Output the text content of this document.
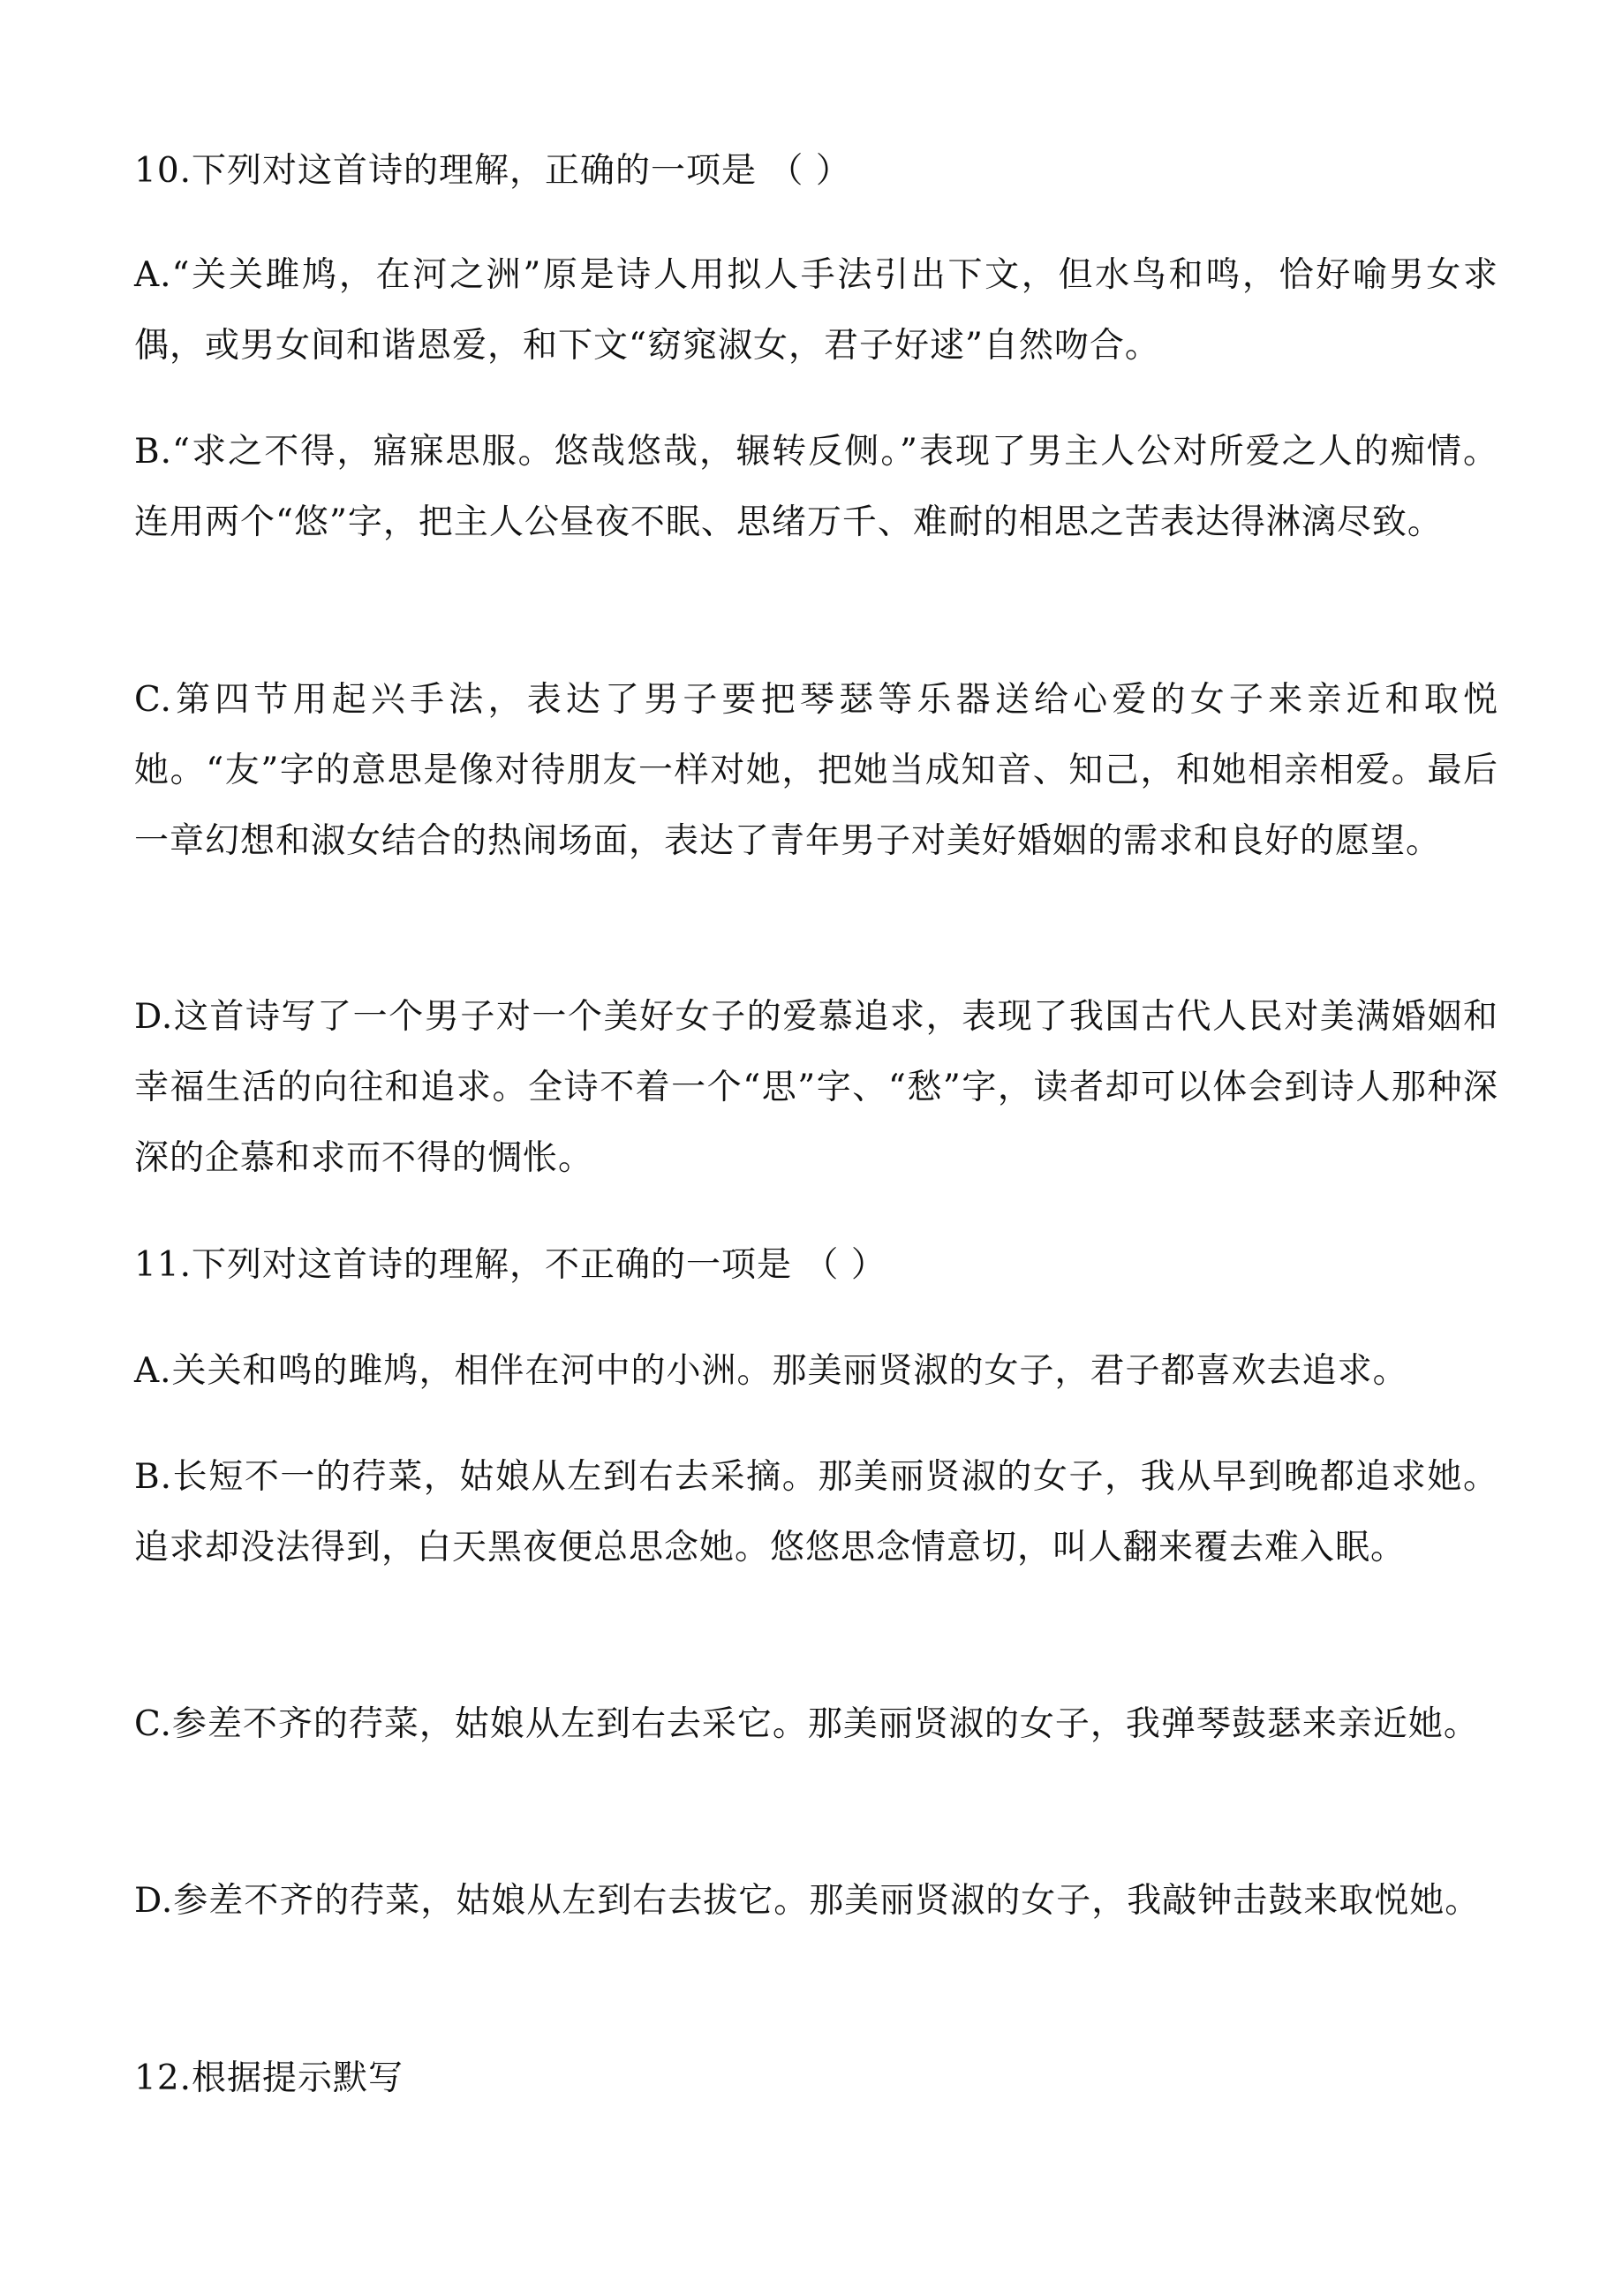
10.下列对这首诗的理解，正确的一项是 （ ）
A.“关关雎鸠，在河之洲”原是诗人用拟人手法引出下文，但水鸟和鸣，恰好喻男女求偶，或男女间和谐恩爱，和下文“窈窕淑女，君子好逑”自然吻合。
B.“求之不得，寤寐思服。悠哉悠哉，辗转反侧。”表现了男主人公对所爱之人的痴情。连用两个“悠”字，把主人公昼夜不眠、思绪万千、难耐的相思之苦表达得淋漓尽致。
C.第四节用起兴手法，表达了男子要把琴瑟等乐器送给心爱的女子来亲近和取悦她。“友”字的意思是像对待朋友一样对她，把她当成知音、知己，和她相亲相爱。最后一章幻想和淑女结合的热闹场面，表达了青年男子对美好婚姻的需求和良好的愿望。
D.这首诗写了一个男子对一个美好女子的爱慕追求，表现了我国古代人民对美满婚姻和幸福生活的向往和追求。全诗不着一个“思”字、“愁”字，读者却可以体会到诗人那种深深的企慕和求而不得的惆怅。
11.下列对这首诗的理解，不正确的一项是 （ ）
A.关关和鸣的雎鸠，相伴在河中的小洲。那美丽贤淑的女子，君子都喜欢去追求。
B.长短不一的荇菜，姑娘从左到右去采摘。那美丽贤淑的女子，我从早到晚都追求她。追求却没法得到，白天黑夜便总思念她。悠悠思念情意切，叫人翻来覆去难入眠。
C.参差不齐的荇菜，姑娘从左到右去采它。那美丽贤淑的女子，我弹琴鼓瑟来亲近她。
D.参差不齐的荇菜，姑娘从左到右去拔它。那美丽贤淑的女子，我敲钟击鼓来取悦她。
12.根据提示默写
